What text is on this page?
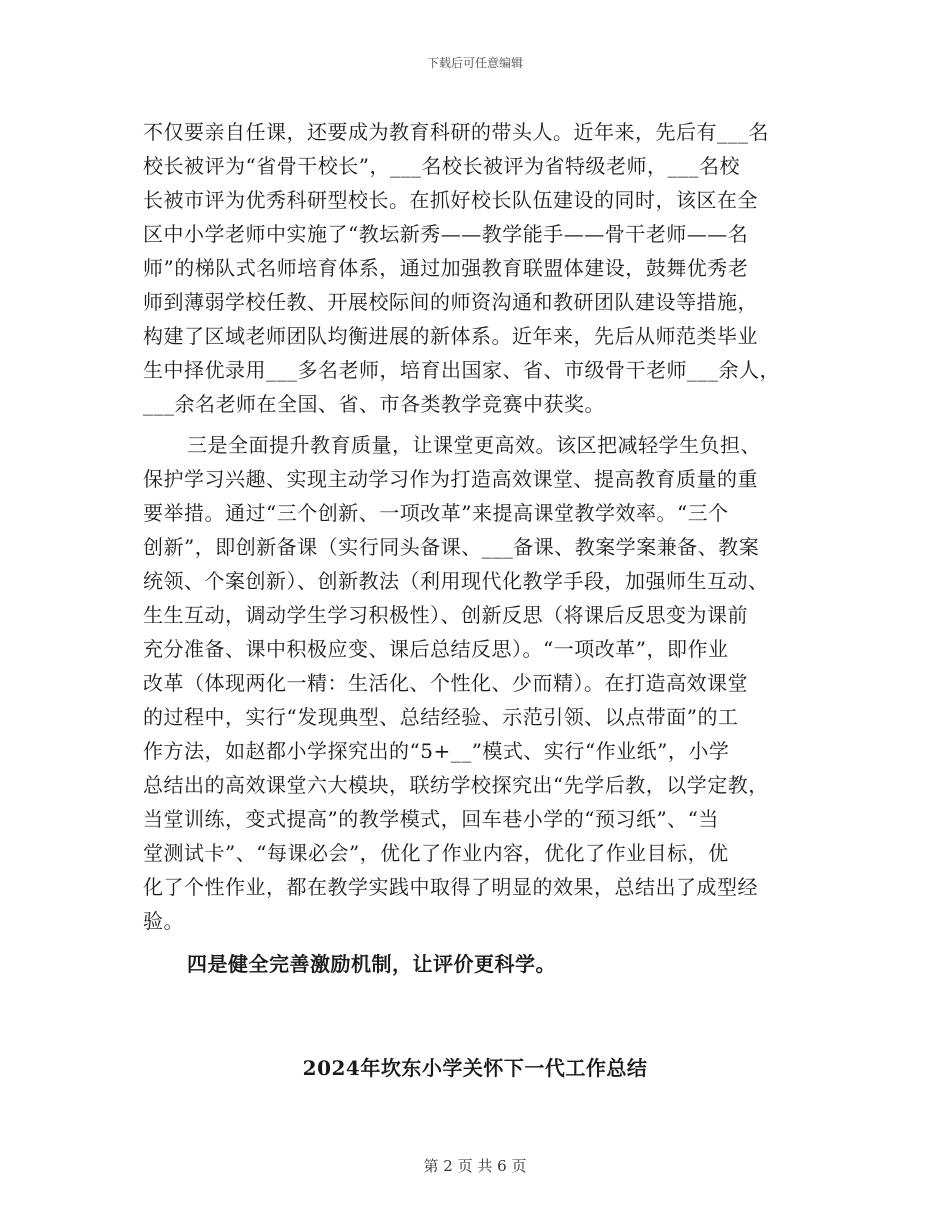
下载后可任意编辑
不仅要亲自任课，还要成为教育科研的带头人。近年来，先后有___名
校长被评为“省骨干校长”，___名校长被评为省特级老师，___名校
长被市评为优秀科研型校长。在抓好校长队伍建设的同时，该区在全
区中小学老师中实施了“教坛新秀——教学能手——骨干老师——名
师”的梯队式名师培育体系，通过加强教育联盟体建设，鼓舞优秀老
师到薄弱学校任教、开展校际间的师资沟通和教研团队建设等措施，
构建了区域老师团队均衡进展的新体系。近年来，先后从师范类毕业
生中择优录用___多名老师，培育出国家、省、市级骨干老师___余人，
___余名老师在全国、省、市各类教学竞赛中获奖。
三是全面提升教育质量，让课堂更高效。该区把减轻学生负担、
保护学习兴趣、实现主动学习作为打造高效课堂、提高教育质量的重
要举措。通过“三个创新、一项改革”来提高课堂教学效率。“三个
创新”，即创新备课（实行同头备课、___备课、教案学案兼备、教案
统领、个案创新）、创新教法（利用现代化教学手段，加强师生互动、
生生互动，调动学生学习积极性）、创新反思（将课后反思变为课前
充分准备、课中积极应变、课后总结反思）。“一项改革”，即作业
改革（体现两化一精：生活化、个性化、少而精）。在打造高效课堂
的过程中，实行“发现典型、总结经验、示范引领、以点带面”的工
作方法，如赵都小学探究出的“5+__”模式、实行“作业纸”，小学
总结出的高效课堂六大模块，联纺学校探究出“先学后教，以学定教，
当堂训练，变式提高”的教学模式，回车巷小学的“预习纸”、“当
堂测试卡”、“每课必会”，优化了作业内容，优化了作业目标，优
化了个性作业，都在教学实践中取得了明显的效果，总结出了成型经
验。
四是健全完善激励机制，让评价更科学。
2024年坎东小学关怀下一代工作总结
第 2 页 共 6 页
